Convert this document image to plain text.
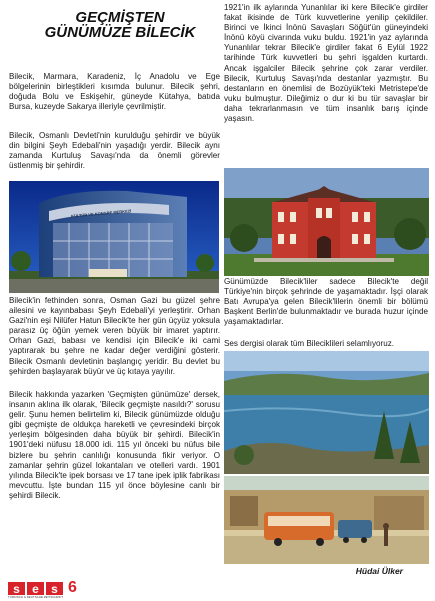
GEÇMİŞTEN
GÜNÜMÜZE BİLECİK

Bilecik, Marmara, Karadeniz, İç Anadolu ve Ege bölgelerinin birleştikleri kısımda bulunur. Bilecik şehri, doğuda Bolu ve Eskişehir, güneyde Kütahya, batıda Bursa, kuzeyde Sakarya illeriyle çevrilmiştir.

Bilecik, Osmanlı Devleti'nin kurulduğu şehirdir ve büyük din bilgini Şeyh Edebali'nin yaşadığı yerdir. Bilecik aynı zamanda Kurtuluş Savaşı'nda da önemli görevler üstlenmiş bir şehirdir.

KÜLTÜR VE KONGRE MERKEZİ

Bilecik'in fethinden sonra, Osman Gazi bu güzel şehre ailesini ve kayınbabası Şeyh Edebali'yi yerleştirir. Orhan Gazi'nin eşi Nilüfer Hatun Bilecik'te her gün üçyüz yoksula parasız üç öğün yemek veren büyük bir imaret yaptırır. Orhan Gazi, babası ve kendisi için Bilecik'e iki cami yaptırarak bu şehre ne kadar değer verdiğini gösterir. Bilecik Osmanlı devletinin başlangıç yeridir. Bu devlet bu şehirden başlayarak büyür ve üç kıtaya yayılır.

Bilecik hakkında yazarken 'Geçmişten günümüze' dersek, insanın aklına ilk olarak, 'Bilecik geçmişte nasıldı?' sorusu gelir. Şunu hemen belirtelim ki, Bilecik günümüzde olduğu gibi geçmişte de oldukça hareketli ve çevresindeki birçok yerleşim bölgesinden daha büyük bir şehirdi. Bilecik'in 1901'deki nüfusu 18.000 idi. 115 yıl önceki bu nüfus bile bizlere bu şehrin canlılığı konusunda fikir veriyor. O zamanlar şehrin güzel lokantaları ve otelleri vardı. 1901 yılında Bilecik'te ipek borsası ve 17 tane ipek iplik fabrikası mevcuttu. İşte bundan 115 yıl önce böylesine canlı bir şehirdi Bilecik.

1921'in ilk aylarında Yunanlılar iki kere Bilecik'e girdiler fakat ikisinde de Türk kuvvetlerine yenilip çekildiler. Birinci ve İkinci İnönü Savaşları Söğüt'ün güneyindeki İnönü köyü civarında vuku buldu. 1921'in yaz aylarında Yunanlılar tekrar Bilecik'e girdiler fakat 6 Eylül 1922 tarihinde Türk kuvvetleri bu şehri işgalden kurtardı. Ancak işgalciler Bilecik şehrine çok zarar verdiler. Bilecik, Kurtuluş Savaşı'nda destanlar yazmıştır. Bu destanların en önemlisi de Bozüyük'teki Metristepe'de vuku bulmuştur. Dileğimiz o dur ki bu tür savaşlar bir daha tekrarlanmasın ve tüm insanlık barış içinde yaşasın.

Günümüzde Bilecik'liler sadece Bilecik'te değil Türkiye'nin birçok şehrinde de yaşamaktadır. İşçi olarak Batı Avrupa'ya gelen Bilecik'lilerin önemli bir bölümü Başkent Berlin'de bulunmaktadır ve burada huzur içinde yaşamaktadırlar.

Ses dergisi olarak tüm Bileciklileri selamlıyoruz.

Hüdai Ülker
s e s 6
TÜRKISCH & DEUTSCHE ZEITSCHRIFT
